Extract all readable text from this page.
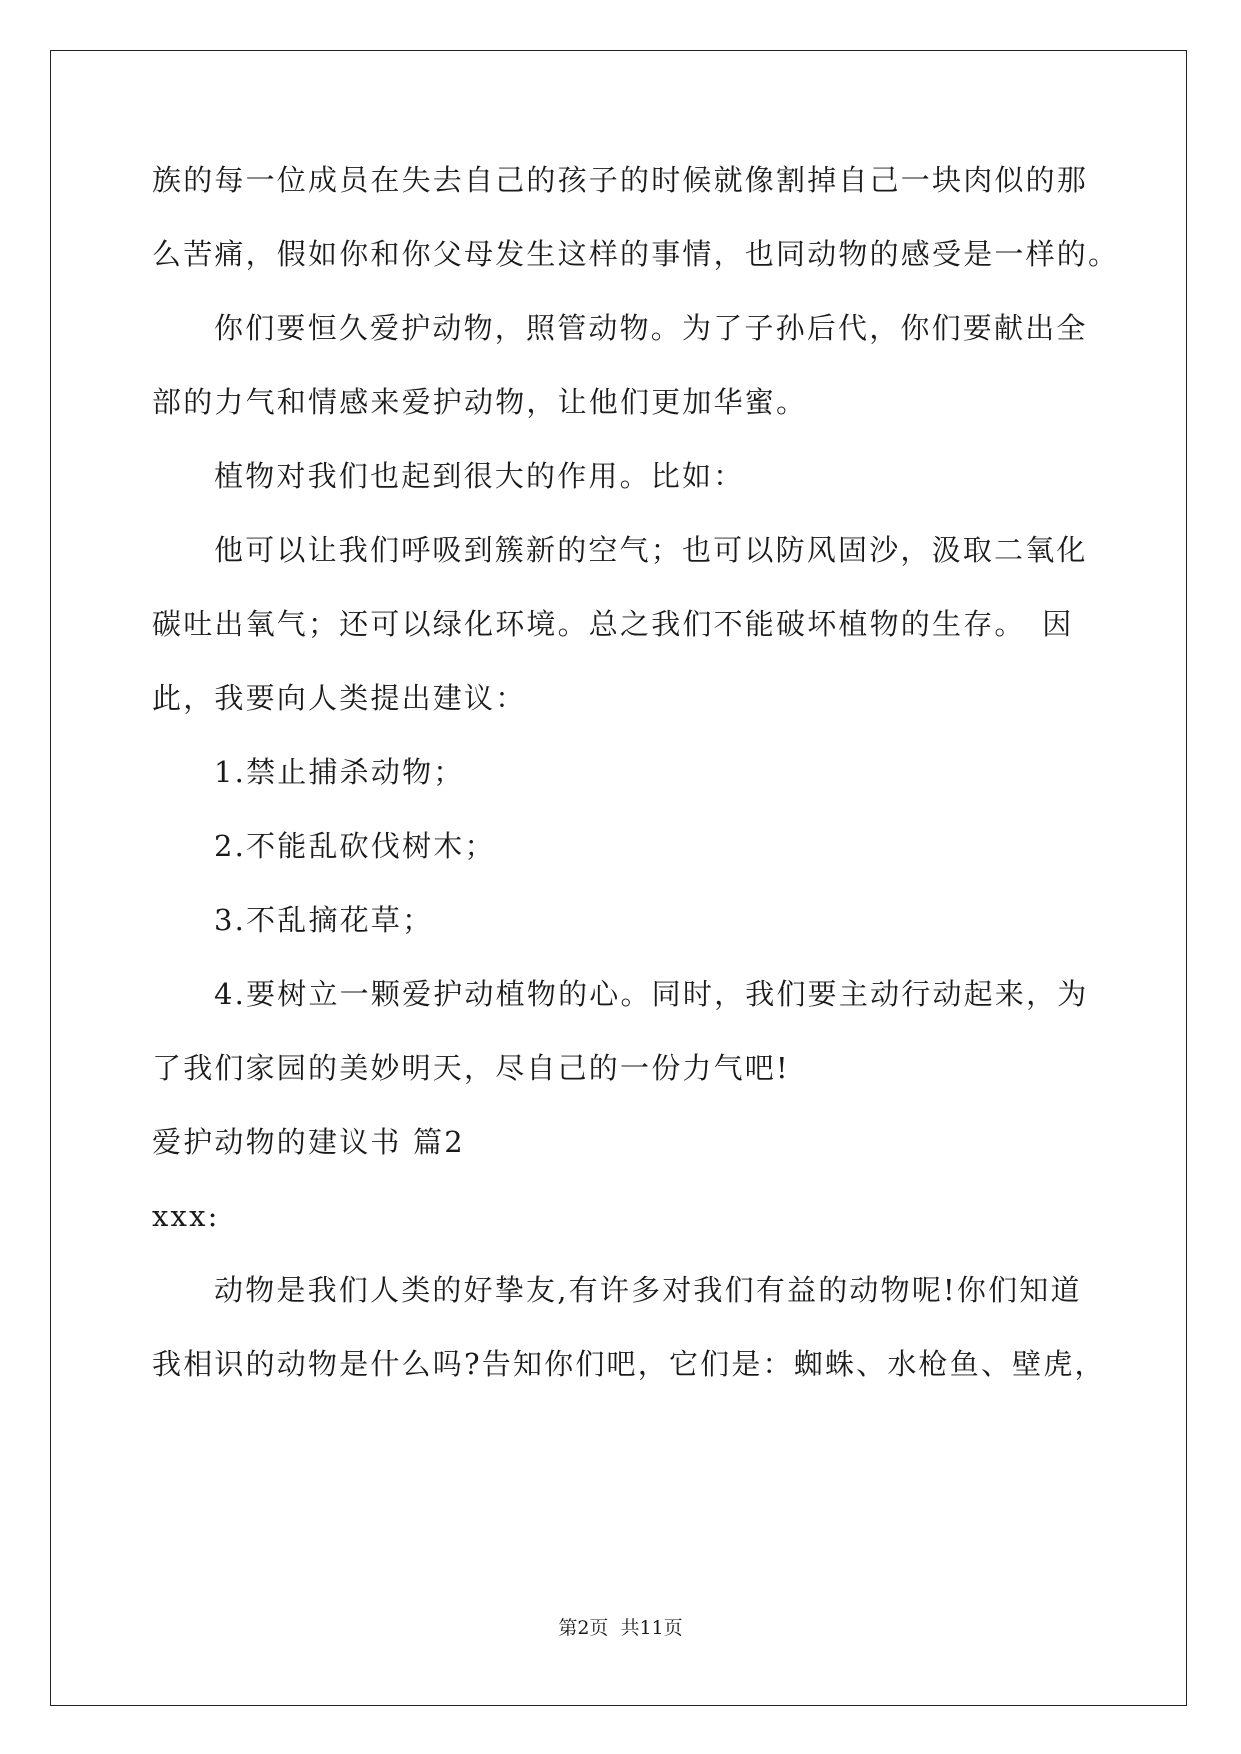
族的每一位成员在失去自己的孩子的时候就像割掉自己一块肉似的那
么苦痛，假如你和你父母发生这样的事情，也同动物的感受是一样的。
你们要恒久爱护动物，照管动物。为了子孙后代，你们要献出全
部的力气和情感来爱护动物，让他们更加华蜜。
植物对我们也起到很大的作用。比如：
他可以让我们呼吸到簇新的空气；也可以防风固沙，汲取二氧化
碳吐出氧气；还可以绿化环境。总之我们不能破坏植物的生存。　因
此，我要向人类提出建议：
1.禁止捕杀动物；
2.不能乱砍伐树木；
3.不乱摘花草；
4.要树立一颗爱护动植物的心。同时，我们要主动行动起来，为
了我们家园的美妙明天，尽自己的一份力气吧!
爱护动物的建议书 篇2
xxx:
动物是我们人类的好挚友,有许多对我们有益的动物呢!你们知道
我相识的动物是什么吗?告知你们吧，它们是：蜘蛛、水枪鱼、壁虎，
第2页 共11页
